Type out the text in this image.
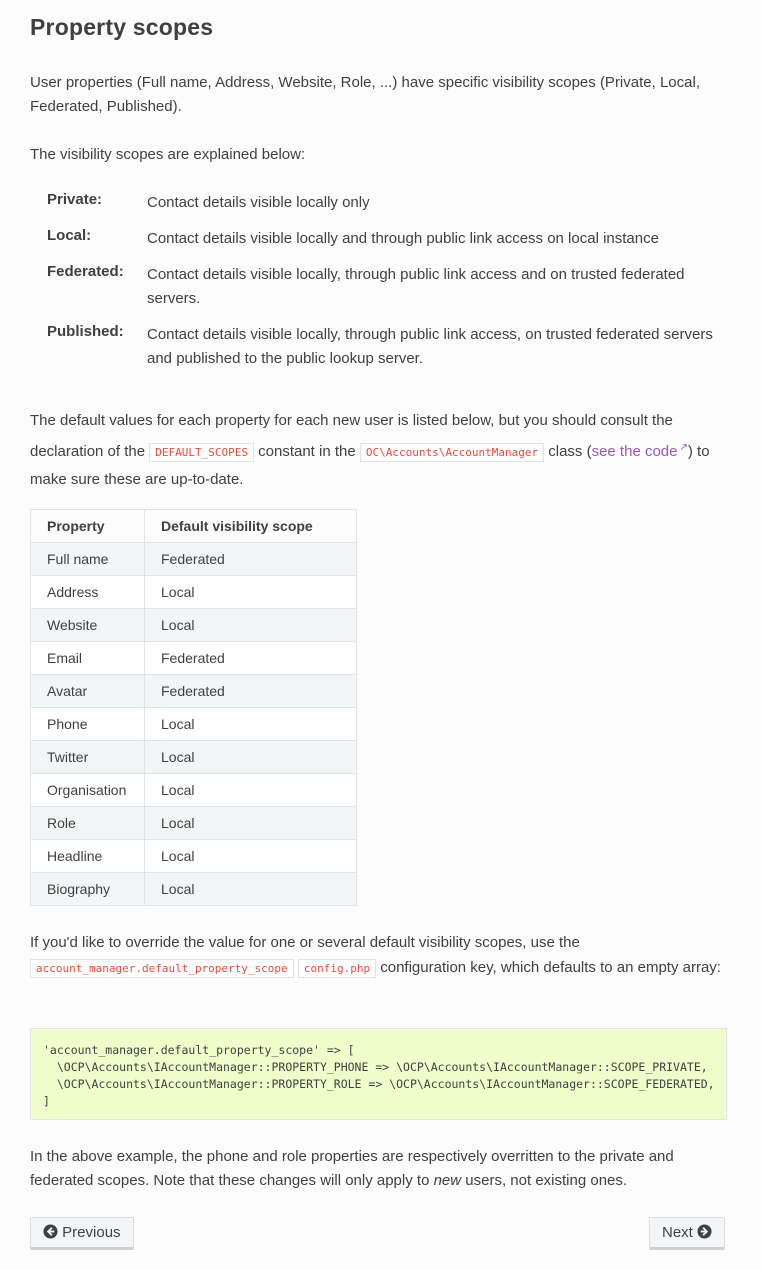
Property scopes

User properties (Full name, Address, Website, Role, ...) have specific visibility scopes (Private, Local, Federated, Published).

The visibility scopes are explained below:

Private:	Contact details visible locally only
Local:	Contact details visible locally and through public link access on local instance
Federated: Contact details visible locally, through public link access and on trusted federated servers.
Published: Contact details visible locally, through public link access, on trusted federated servers and published to the public lookup server.

The default values for each property for each new user is listed below, but you should consult the declaration of the DEFAULT_SCOPES constant in the OC\Accounts\AccountManager class (see the code ↗) to make sure these are up-to-date.

Property	Default visibility scope
Full name	Federated
Address	Local
Website	Local
Email	Federated
Avatar	Federated
Phone	Local
Twitter	Local
Organisation	Local
Role	Local
Headline	Local
Biography	Local

If you'd like to override the value for one or several default visibility scopes, use the account_manager.default_property_scope config.php configuration key, which defaults to an empty array:

'account_manager.default_property_scope' => [
\OCP\Accounts\IAccountManager::PROPERTY_PHONE => \OCP\Accounts\IAccountManager::SCOPE_PRIVATE,
\OCP\Accounts\IAccountManager::PROPERTY_ROLE => \OCP\Accounts\IAccountManager::SCOPE_FEDERATED,
]

In the above example, the phone and role properties are respectively overritten to the private and federated scopes. Note that these changes will only apply to new users, not existing ones.

Previous	Next
